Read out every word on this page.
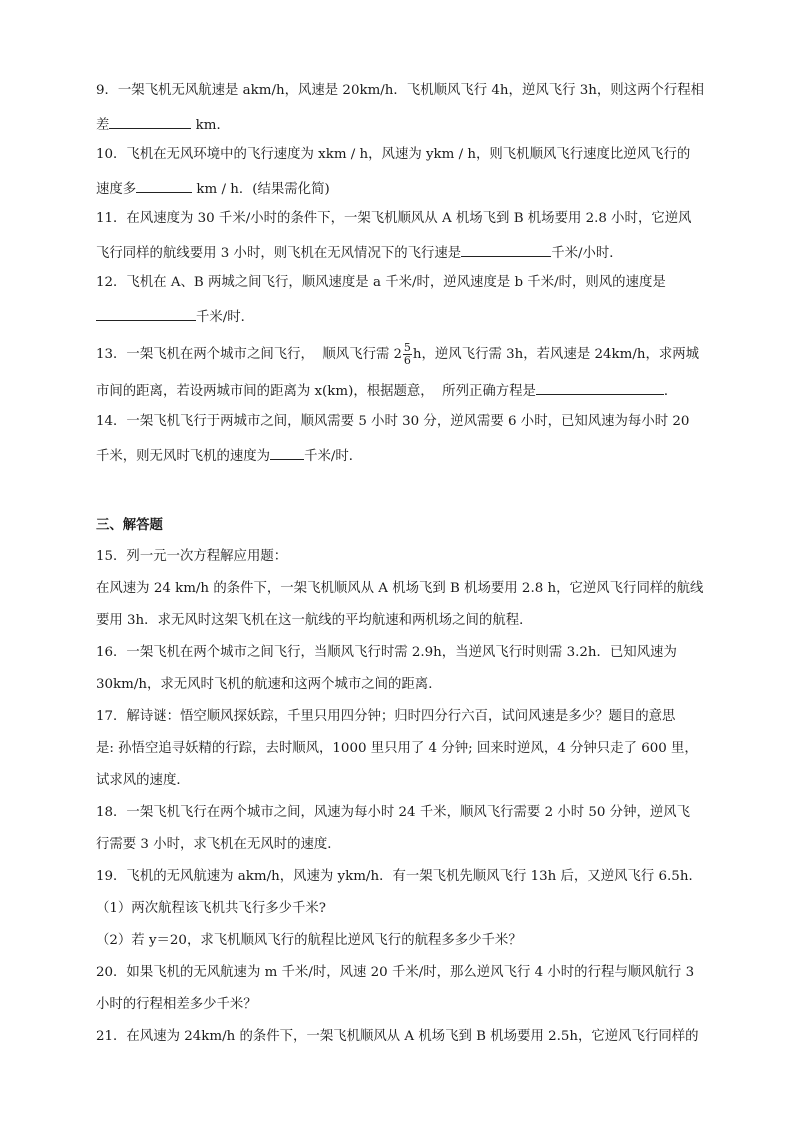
9．一架飞机无风航速是 akm/h，风速是 20km/h．飞机顺风飞行 4h，逆风飞行 3h，则这两个行程相
差	km．
10．飞机在无风环境中的飞行速度为 xkm / h，风速为 ykm / h，则飞机顺风飞行速度比逆风飞行的
速度多	km / h．(结果需化简)
11．在风速度为 30 千米/小时的条件下，一架飞机顺风从 A 机场飞到 B 机场要用 2.8 小时，它逆风
飞行同样的航线要用 3 小时，则飞机在无风情况下的飞行速是	千米/小时．
12．飞机在 A、B 两城之间飞行，顺风速度是 a 千米/时，逆风速度是 b 千米/时，则风的速度是
千米/时．
13．一架飞机在两个城市之间飞行，  顺风飞行需 $2 \frac{5}{6}$ h，逆风飞行需 3h，若风速是 24km/h，求两城
市间的距离，若设两城市间的距离为 x(km)，根据题意，  所列正确方程是	．
14．一架飞机飞行于两城市之间，顺风需要 5 小时 30 分，逆风需要 6 小时，已知风速为每小时 20
千米，则无风时飞机的速度为	千米/时．
三、解答题
15．列一元一次方程解应用题：
在风速为 24 km/h 的条件下，一架飞机顺风从 A 机场飞到 B 机场要用 2.8 h，它逆风飞行同样的航线
要用 3h．求无风时这架飞机在这一航线的平均航速和两机场之间的航程．
16．一架飞机在两个城市之间飞行，当顺风飞行时需 2.9h，当逆风飞行时则需 3.2h．已知风速为
30km/h，求无风时飞机的航速和这两个城市之间的距离．
17．解诗谜：悟空顺风探妖踪，千里只用四分钟；归时四分行六百，试问风速是多少？题目的意思
是: 孙悟空追寻妖精的行踪，去时顺风，1000 里只用了 4 分钟; 回来时逆风，4 分钟只走了 600 里，
试求风的速度．
18．一架飞机飞行在两个城市之间，风速为每小时 24 千米，顺风飞行需要 2 小时 50 分钟，逆风飞
行需要 3 小时，求飞机在无风时的速度．
19．飞机的无风航速为 akm/h，风速为 ykm/h．有一架飞机先顺风飞行 13h 后，又逆风飞行 6.5h．
（1）两次航程该飞机共飞行多少千米?
（2）若 y＝20，求飞机顺风飞行的航程比逆风飞行的航程多多少千米？
20．如果飞机的无风航速为 m 千米/时，风速 20 千米/时，那么逆风飞行 4 小时的行程与顺风航行 3
小时的行程相差多少千米？
21．在风速为 24km/h 的条件下，一架飞机顺风从 A 机场飞到 B 机场要用 2.5h，它逆风飞行同样的
